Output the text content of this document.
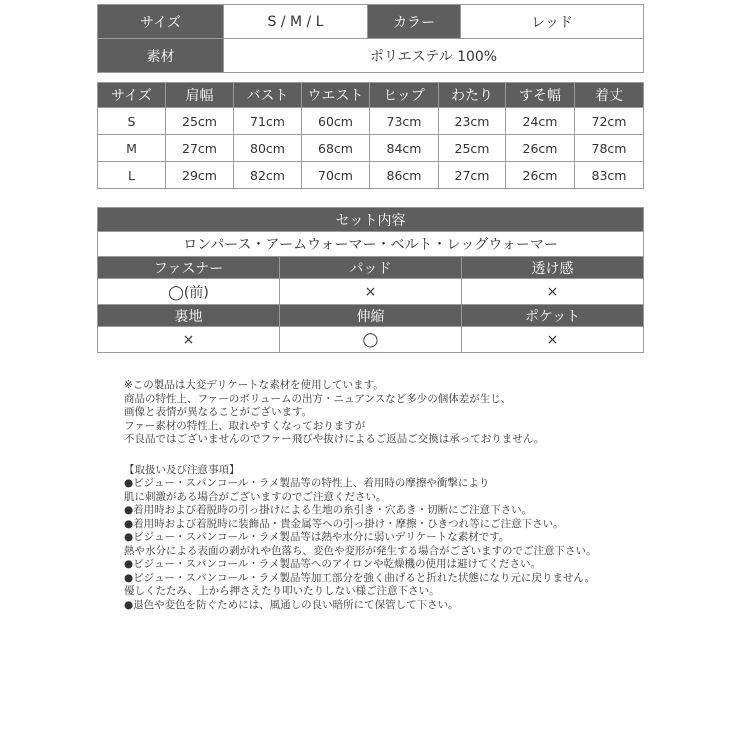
サイズ	S / M / L	カラー	レッド
素材	ポリエステル 100%		
サイズ	肩幅	バスト	ウエスト	ヒップ	わたり	すそ幅	着丈
S	25cm	71cm	60cm	73cm	23cm	24cm	72cm
M	27cm	80cm	68cm	84cm	25cm	26cm	78cm
L	29cm	82cm	70cm	86cm	27cm	26cm	83cm
セット内容		
ロンパース・アームウォーマー・ベルト・レッグウォーマー		
ファスナー	パッド	透け感
◯(前)	×	×
裏地	伸縮	ポケット
×	◯	×

※この製品は大変デリケートな素材を使用しています。

商品の特性上、ファーのボリュームの出方・ニュアンスなど多少の個体差が生じ、

画像と表情が異なることがございます。

ファー素材の特性上、取れやすくなっておりますが

不良品ではございませんのでファー飛びや抜けによるご返品ご交換は承っておりません。

【取扱い及び注意事項】

●ビジュー・スパンコール・ラメ製品等の特性上、着用時の摩擦や衝撃により

肌に刺激がある場合がございますのでご注意ください。

●着用時および着脱時の引っ掛けによる生地の糸引き・穴あき・切断にご注意下さい。

●着用時および着脱時に装飾品・貴金属等への引っ掛け・摩擦・ひきつれ等にご注意下さい。

●ビジュー・スパンコール・ラメ製品等は熱や水分に弱いデリケートな素材です。

熱や水分による表面の剥がれや色落ち、変色や変形が発生する場合がございますのでご注意下さい。

●ビジュー・スパンコール・ラメ製品等へのアイロンや乾燥機の使用は避けてください。

●ビジュー・スパンコール・ラメ製品等加工部分を強く曲げると折れた状態になり元に戻りません。

優しくたたみ、上から押さえたり叩いたりしない様ご注意下さい。

●退色や変色を防ぐためには、風通しの良い暗所にて保管して下さい。
